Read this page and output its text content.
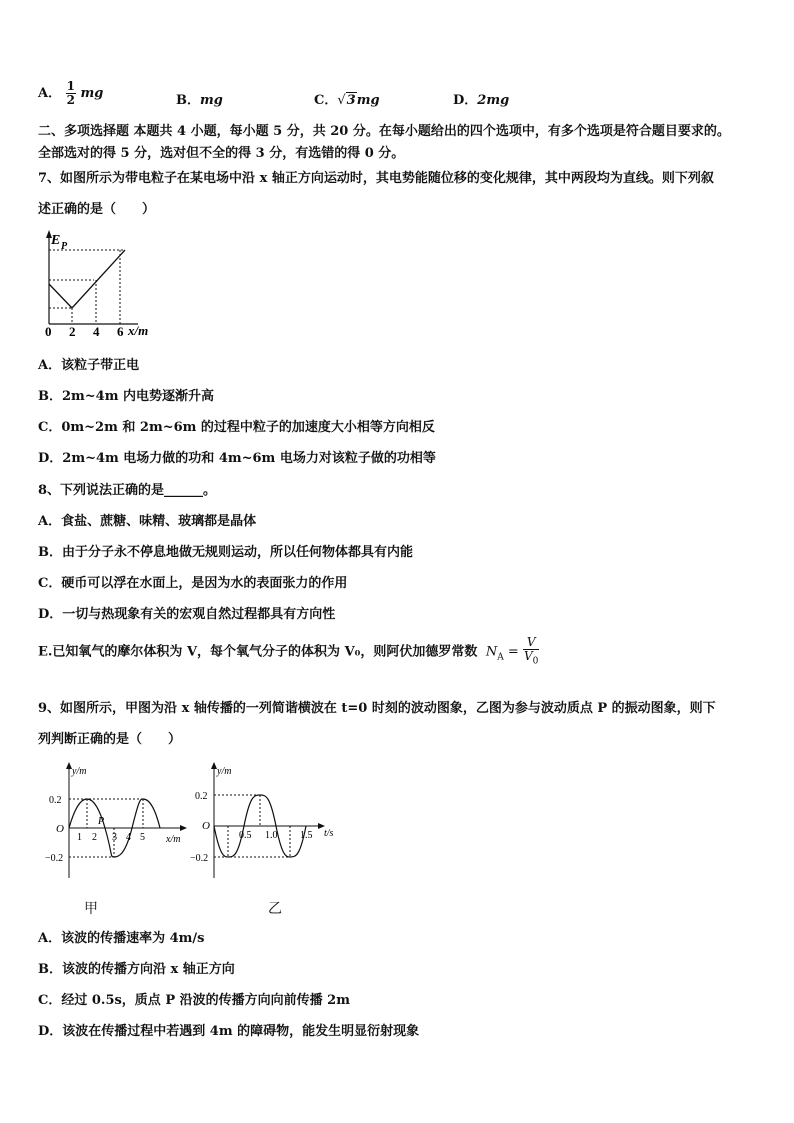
A． $\frac{1}{2}$ mg	B．mg	C．√3mg	D．2mg
二、多项选择题 本题共 4 小题，每小题 5 分，共 20 分。在每小题给出的四个选项中，有多个选项是符合题目要求的。
全部选对的得 5 分，选对但不全的得 3 分，有选错的得 0 分。
7、如图所示为带电粒子在某电场中沿 x 轴正方向运动时，其电势能随位移的变化规律，其中两段均为直线。则下列叙
述正确的是（　　）
E P
0 2 4 6 x/m
A．该粒子带正电
B．2m~4m 内电势逐渐升高
C．0m~2m 和 2m~6m 的过程中粒子的加速度大小相等方向相反
D．2m~4m 电场力做的功和 4m~6m 电场力对该粒子做的功相等
8、下列说法正确的是______。
A．食盐、蔗糖、味精、玻璃都是晶体
B．由于分子永不停息地做无规则运动，所以任何物体都具有内能
C．硬币可以浮在水面上，是因为水的表面张力的作用
D．一切与热现象有关的宏观自然过程都具有方向性
E.已知氧气的摩尔体积为 V，每个氧气分子的体积为 V₀，则阿伏加德罗常数 $N_A = \frac{V}{V_0}$
9、如图所示，甲图为沿 x 轴传播的一列简谐横波在 t=0 时刻的波动图象，乙图为参与波动质点 P 的振动图象，则下
列判断正确的是（　　）
y/m
x/m
O
0.2
−0.2
1 2 3 4 5
P
甲
y/m
t/s
O
0.2
−0.2
0.5 1.0 1.5
乙
A．该波的传播速率为 4m/s
B．该波的传播方向沿 x 轴正方向
C．经过 0.5s，质点 P 沿波的传播方向向前传播 2m
D．该波在传播过程中若遇到 4m 的障碍物，能发生明显衍射现象
